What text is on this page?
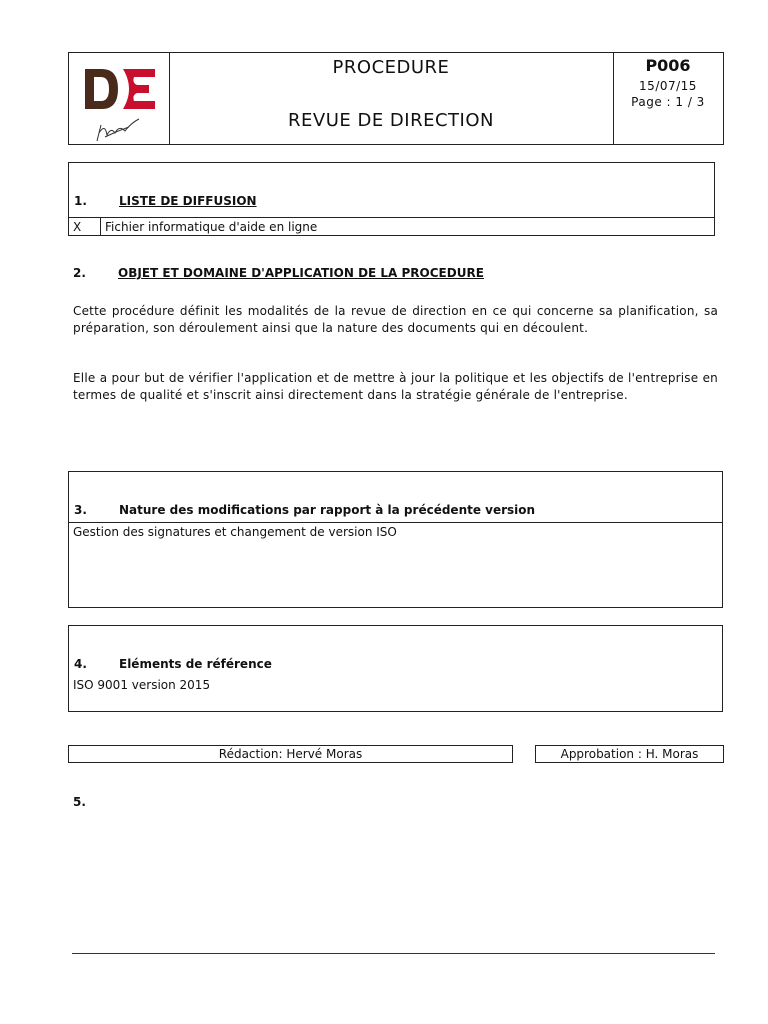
PROCEDURE
REVUE DE DIRECTION
P006
15/07/15
Page : 1 / 3
1.	LISTE DE DIFFUSION
X Fichier informatique d'aide en ligne
2.	OBJET ET DOMAINE D'APPLICATION DE LA PROCEDURE
Cette procédure définit les modalités de la revue de direction en ce qui concerne sa planification, sa préparation, son déroulement ainsi que la nature des documents qui en découlent.
Elle a pour but de vérifier l'application et de mettre à jour la politique et les objectifs de l'entreprise en termes de qualité et s'inscrit ainsi directement dans la stratégie générale de l'entreprise.
3.	Nature des modifications par rapport à la précédente version
Gestion des signatures et changement de version ISO
4.	Eléments de référence
ISO 9001 version 2015
Rédaction: Hervé Moras	Approbation : H. Moras
5.
